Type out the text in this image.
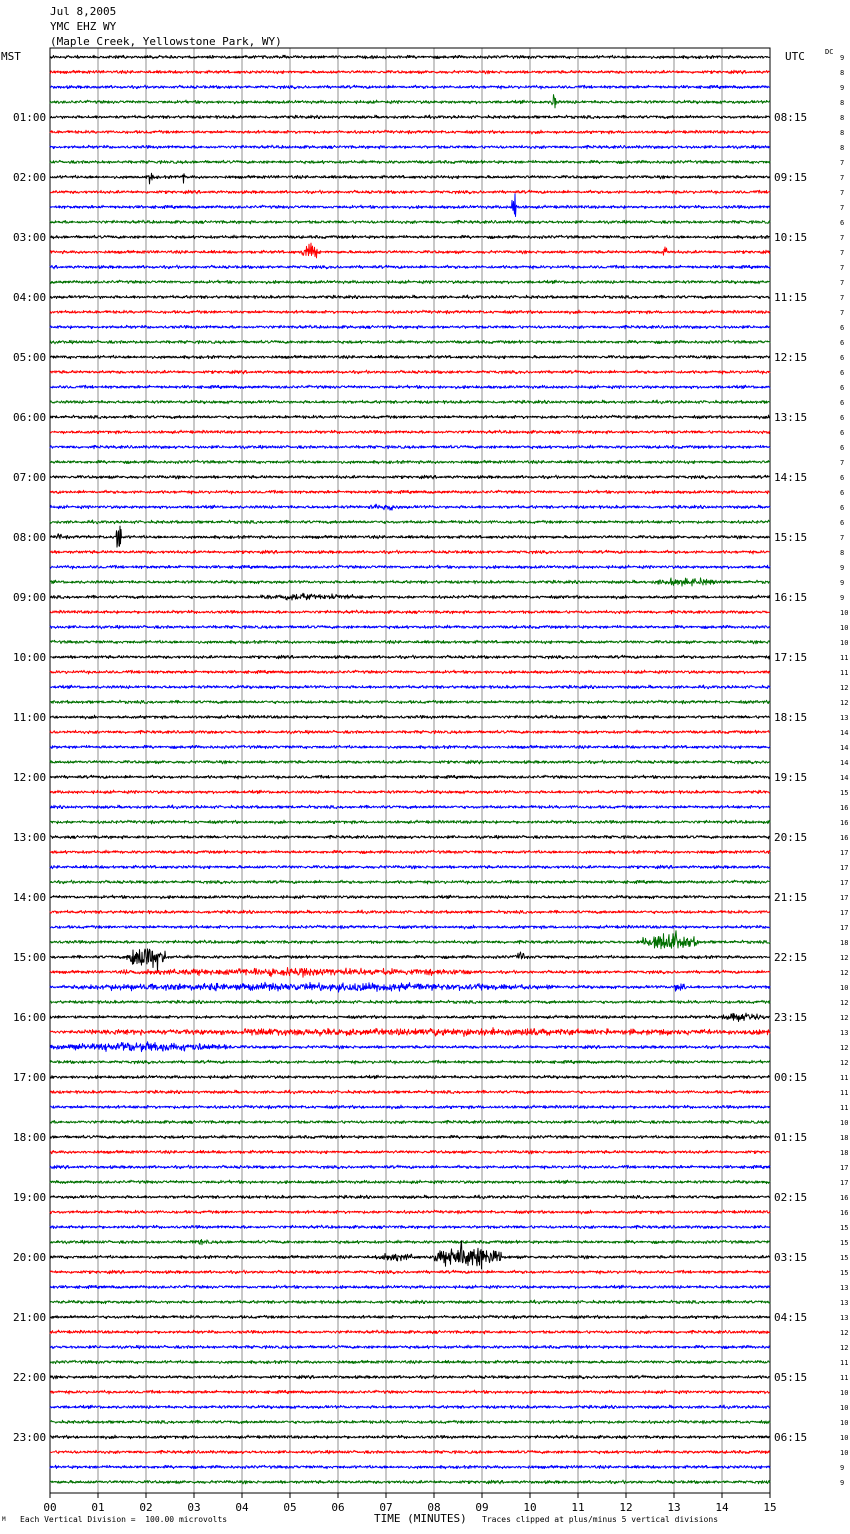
00	01	02	03	04	05	06	07	08	09	10	11	12	13	14	15
9
8
9
8
8
8
8
7
7
7
7
6
7
7
7
7
7
7
6
6
6
6
6
6
6
6
6
7
6
6
6
6
7
8
9
9
9
10
10
10
11
11
12
12
13
14
14
14
14
15
16
16
16
17
17
17
17
17
17
18
12
12
10
12
12
13
12
12
11
11
11
10
18
18
17
17
16
16
15
15
15
15
13
13
13
12
12
11
11
10
10
10
10
10
9
9
01:00
02:00
03:00
04:00
05:00
06:00
07:00
08:00
09:00
10:00
11:00
12:00
13:00
14:00
15:00
16:00
17:00
18:00
19:00
20:00
21:00
22:00
23:00
08:15
09:15
10:15
11:15
12:15
13:15
14:15
15:15
16:15
17:15
18:15
19:15
20:15
21:15
22:15
23:15
00:15
01:15
02:15
03:15
04:15
05:15
06:15
Jul 8,2005
YMC EHZ WY
(Maple Creek, Yellowstone Park, WY)
MST	UTC	DC
M Each Vertical Division =  100.00 microvolts	TIME (MINUTES) Traces clipped at plus/minus 5 vertical divisions
